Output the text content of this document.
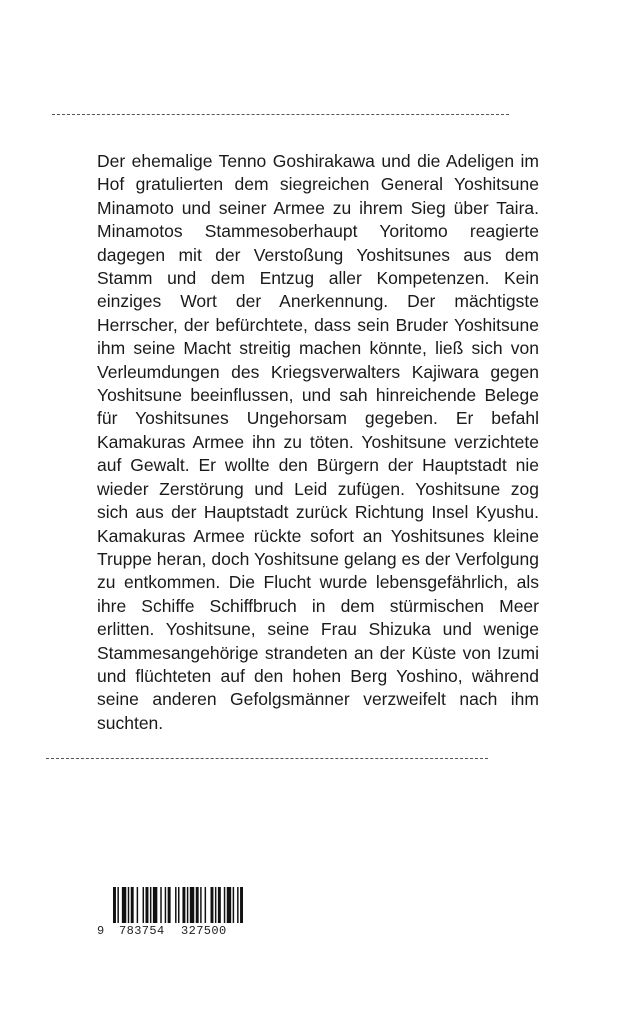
Der ehemalige Tenno Goshirakawa und die Adeligen im Hof gratulierten dem siegreichen General Yoshitsune Minamoto und seiner Armee zu ihrem Sieg über Taira. Minamotos Stammesoberhaupt Yoritomo reagierte dagegen mit der Verstoßung Yoshitsunes aus dem Stamm und dem Entzug aller Kompetenzen. Kein einziges Wort der Anerkennung. Der mächtigste Herrscher, der befürchtete, dass sein Bruder Yoshitsune ihm seine Macht streitig machen könnte, ließ sich von Verleumdungen des Kriegsverwalters Kajiwara gegen Yoshitsune beeinflussen, und sah hinreichende Belege für Yoshitsunes Ungehorsam gegeben. Er befahl Kamakuras Armee ihn zu töten. Yoshitsune verzichtete auf Gewalt. Er wollte den Bürgern der Hauptstadt nie wieder Zerstörung und Leid zufügen. Yoshitsune zog sich aus der Hauptstadt zurück Richtung Insel Kyushu. Kamakuras Armee rückte sofort an Yoshitsunes kleine Truppe heran, doch Yoshitsune gelang es der Verfolgung zu entkommen. Die Flucht wurde lebensgefährlich, als ihre Schiffe Schiffbruch in dem stürmischen Meer erlitten. Yoshitsune, seine Frau Shizuka und wenige Stammesangehörige strandeten an der Küste von Izumi und flüchteten auf den hohen Berg Yoshino, während seine anderen Gefolgsmänner verzweifelt nach ihm suchten.

9 783754 327500
